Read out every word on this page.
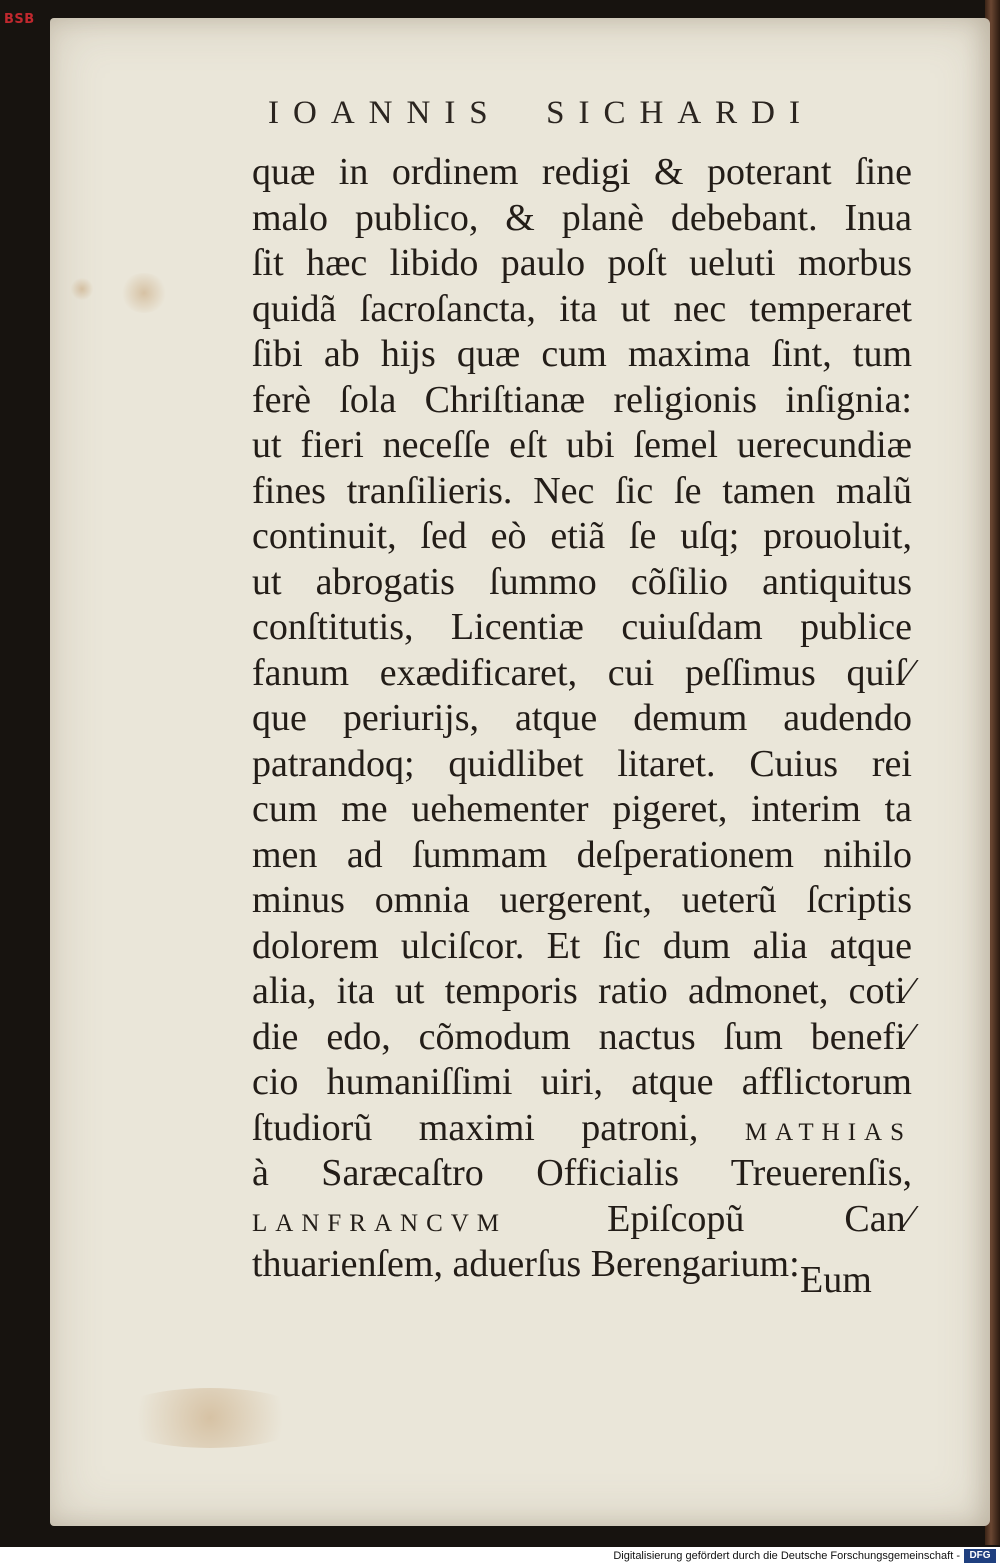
BSB
IOANNIS  SICHARDI
quæ in ordinem redigi & poterant ſine
malo publico, & planè debebant. Inua
ſit hæc libido paulo poſt ueluti morbus
quidã ſacroſancta, ita ut nec temperaret
ſibi ab hijs quæ cum maxima ſint, tum
ferè ſola Chriſtianæ religionis inſignia:
ut fieri neceſſe eſt ubi ſemel uerecundiæ
fines tranſilieris. Nec ſic ſe tamen malũ
continuit, ſed eò etiã ſe uſq; prouoluit,
ut abrogatis ſummo cõſilio antiquitus
conſtitutis, Licentiæ cuiuſdam publice
fanum exædificaret, cui peſſimus quiſ⁄
que periurijs, atque demum audendo
patrandoq; quidlibet litaret. Cuius rei
cum me uehementer pigeret, interim ta
men ad ſummam deſperationem nihilo
minus omnia uergerent, ueterũ ſcriptis
dolorem ulciſcor. Et ſic dum alia atque
alia, ita ut temporis ratio admonet, coti⁄
die edo, cõmodum nactus ſum benefi⁄
cio humaniſſimi uiri, atque afflictorum
ſtudiorũ maximi patroni, MATHIAS
à Saræcaſtro Officialis Treuerenſis,
LANFRANCVM	Epiſcopũ Can⁄
thuarienſem, aduerſus Berengarium: Eum
Digitalisierung gefördert durch die Deutsche Forschungsgemeinschaft - DFG
